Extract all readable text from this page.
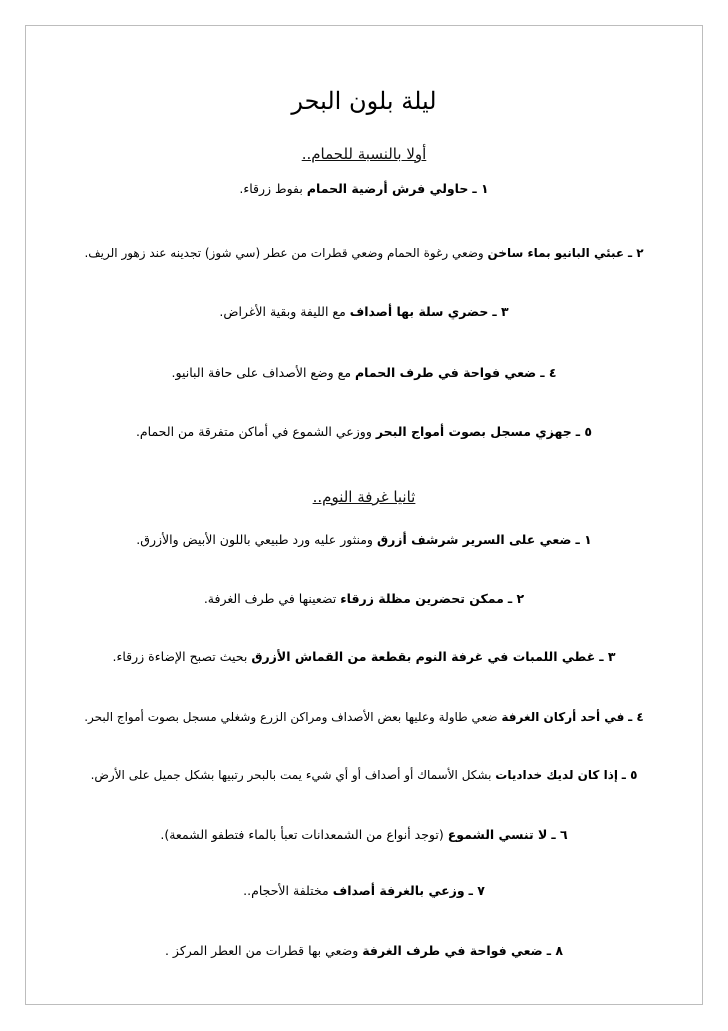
ليلة بلون البحر
أولا بالنسبة للحمام..
١ ـ حاولي فرش أرضية الحمام بفوط زرقاء.
٢ ـ عبئي البانيو بماء ساخن وضعي رغوة الحمام وضعي قطرات من عطر (سي شوز) تجدينه عند زهور الريف.
٣ ـ حضري سلة بها أصداف مع الليفة وبقية الأغراض.
٤ ـ ضعي فواحة في طرف الحمام مع وضع الأصداف على حافة البانيو.
٥ ـ جهزي مسجل بصوت أمواج البحر ووزعي الشموع في أماكن متفرقة من الحمام.
ثانيا غرفة النوم..
١ ـ ضعي على السرير شرشف أزرق ومنثور عليه ورد طبيعي باللون الأبيض والأزرق.
٢ ـ ممكن تحضرين مظلة زرقاء تضعينها في طرف الغرفة.
٣ ـ غطي اللمبات في غرفة النوم بقطعة من القماش الأزرق بحيث تصبح الإضاءة زرقاء.
٤ ـ في أحد أركان الغرفة ضعي طاولة وعليها بعض الأصداف ومراكن الزرع وشغلي مسجل بصوت أمواج البحر.
٥ ـ إذا كان لديك خداديات بشكل الأسماك أو أصداف أو أي شيء يمت بالبحر رتبيها بشكل جميل على الأرض.
٦ ـ لا تنسي الشموع (توجد أنواع من الشمعدانات تعبأ بالماء فتطفو الشمعة).
٧ ـ وزعي بالغرفة أصداف مختلفة الأحجام..
٨ ـ ضعي فواحة في طرف الغرفة وضعي بها قطرات من العطر المركز .
